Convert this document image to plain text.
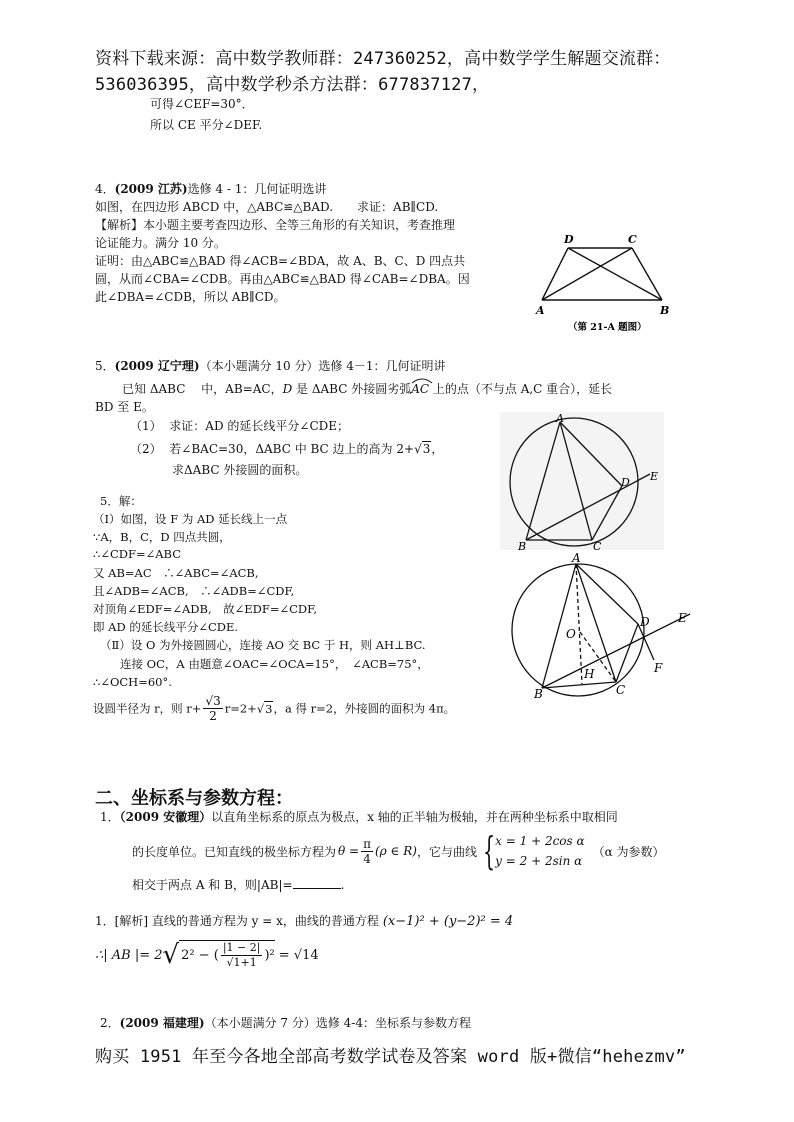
资料下载来源：高中数学教师群：247360252，高中数学学生解题交流群：
536036395，高中数学秒杀方法群：677837127，
可得∠CEF=30°．
所以 CE 平分∠DEF.
4．(2009 江苏)选修 4 - 1：几何证明选讲
如图，在四边形 ABCD 中，△ABC≌△BAD.　　求证：AB∥CD.
【解析】本小题主要考查四边形、全等三角形的有关知识，考查推理
论证能力。满分 10 分。
证明：由△ABC≌△BAD 得∠ACB=∠BDA，故 A、B、C、D 四点共
圆，从而∠CBA=∠CDB。再由△ABC≌△BAD 得∠CAB=∠DBA。因
此∠DBA=∠CDB，所以 AB∥CD。
D	C
A	B
（第 21-A 题图）
5．(2009 辽宁理)（本小题满分 10 分）选修 4－1：几何证明讲
已知 ΔABC　 中，AB=AC，D 是 ΔABC 外接圆劣弧AC
上的点（不与点 A,C 重合），延长
BD 至 E。
（1） 求证：AD 的延长线平分∠CDE；
（2） 若∠BAC=30，ΔABC 中 BC 边上的高为 2+√3，
求ΔABC 外接圆的面积。
A
B	C
D E
5．解：
（Ⅰ）如图，设 F 为 AD 延长线上一点
∵A，B，C，D 四点共圆，
∴∠CDF=∠ABC
又 AB=AC　∴∠ABC=∠ACB,
且∠ADB=∠ACB,　∴∠ADB=∠CDF,
对顶角∠EDF=∠ADB,　故∠EDF=∠CDF,
即 AD 的延长线平分∠CDE.
（Ⅱ）设 O 为外接圆圆心，连接 AO 交 BC 于 H，则 AH⊥BC.
连接 OC，A 由题意∠OAC=∠OCA=15°，　∠ACB=75°，
∴∠OCH=60°.
设圆半径为 r，则 $r+ \frac{√3}{2} r=2+√3$，a 得 r=2，外接圆的面积为 4π。
A
B	C
D E
F
H
O
二、坐标系与参数方程：
1．（2009 安徽理）以直角坐标系的原点为极点，x 轴的正半轴为极轴，并在两种坐标系中取相同
的长度单位。已知直线的极坐标方程为 $\theta = \frac{\pi}{4} (\rho$ ∈ R) ，它与曲线 { x = 1 + 2cos α
y = 2 + 2sin α
（α 为参数）
相交于两点 A 和 B，则|AB|=	.
1．[解析] 直线的普通方程为 y = x，曲线的普通方程 (x−1)² + (y−2)² = 4
∴| AB |= 2 √ 2² − ( $\frac{|1 - 2|}{√1+1} )^2 = √14$
2．(2009 福建理)（本小题满分 7 分）选修 4-4：坐标系与参数方程
购买 1951 年至今各地全部高考数学试卷及答案 word 版+微信“hehezmv”
